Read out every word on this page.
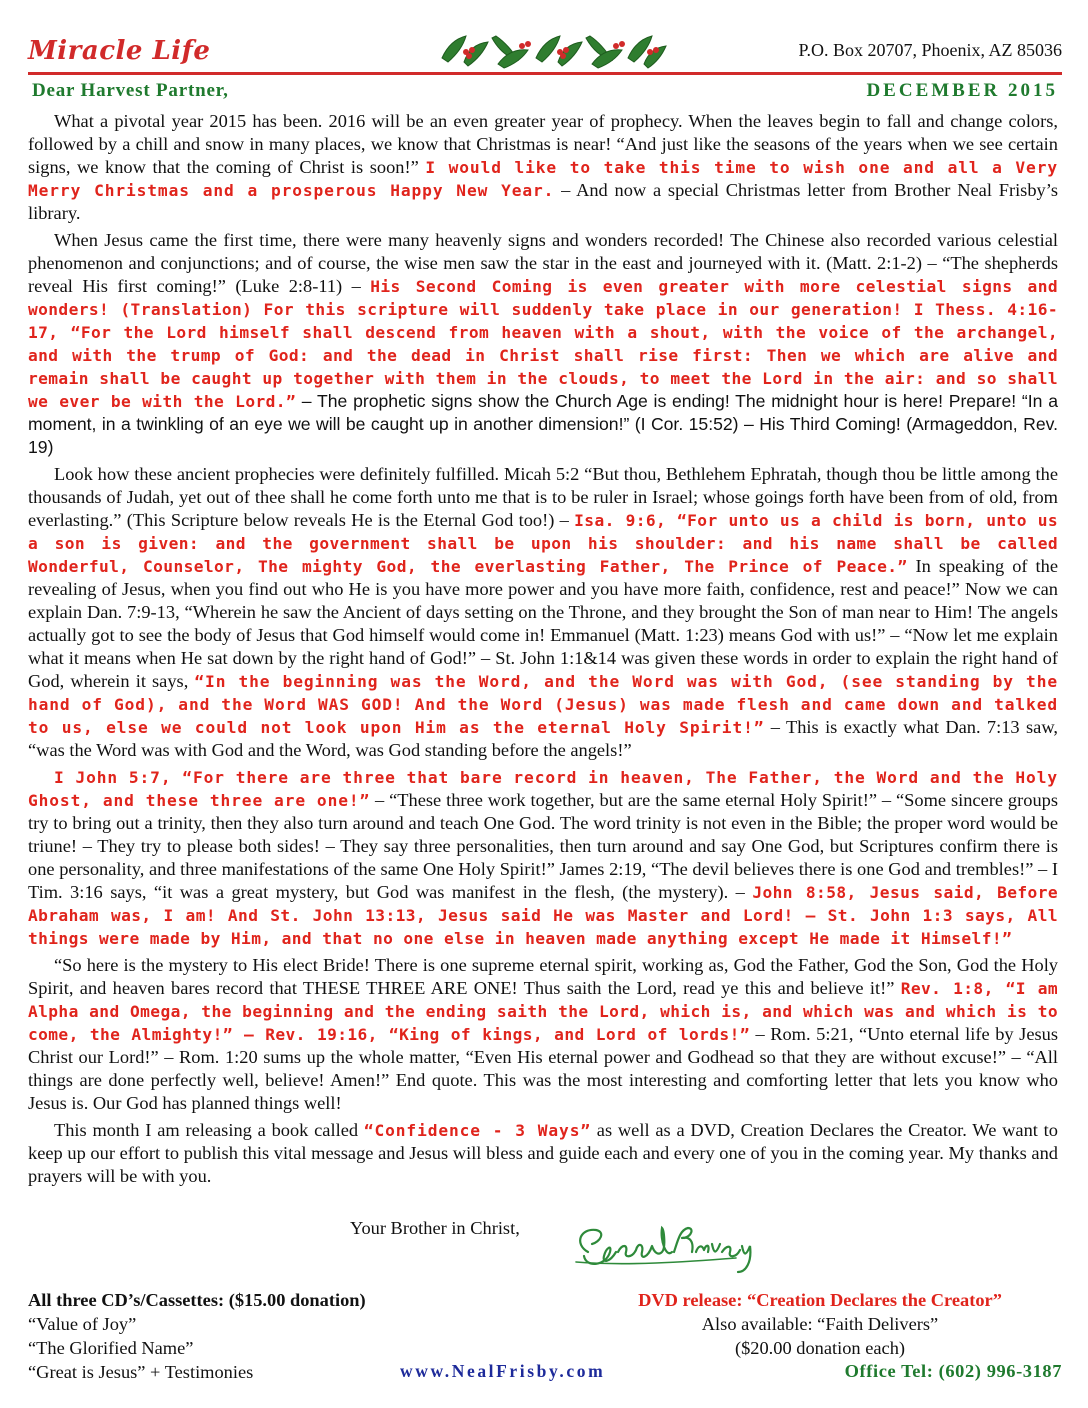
Miracle Life	P.O. Box 20707, Phoenix, AZ 85036
Dear Harvest Partner,	DECEMBER 2015

What a pivotal year 2015 has been. 2016 will be an even greater year of prophecy. When the leaves begin to fall and change colors, followed by a chill and snow in many places, we know that Christmas is near! “And just like the seasons of the years when we see certain signs, we know that the coming of Christ is soon!” I would like to take this time to wish one and all a Very Merry Christmas and a prosperous Happy New Year. – And now a special Christmas letter from Brother Neal Frisby’s library.

When Jesus came the first time, there were many heavenly signs and wonders recorded! The Chinese also recorded various celestial phenomenon and conjunctions; and of course, the wise men saw the star in the east and journeyed with it. (Matt. 2:1-2) – “The shepherds reveal His first coming!” (Luke 2:8-11) – His Second Coming is even greater with more celestial signs and wonders! (Translation) For this scripture will suddenly take place in our generation! I Thess. 4:16-17, “For the Lord himself shall descend from heaven with a shout, with the voice of the archangel, and with the trump of God: and the dead in Christ shall rise first: Then we which are alive and remain shall be caught up together with them in the clouds, to meet the Lord in the air: and so shall we ever be with the Lord.” – The prophetic signs show the Church Age is ending! The midnight hour is here! Prepare! “In a moment, in a twinkling of an eye we will be caught up in another dimension!” (I Cor. 15:52) – His Third Coming! (Armageddon, Rev. 19)

Look how these ancient prophecies were definitely fulfilled. Micah 5:2 “But thou, Bethlehem Ephratah, though thou be little among the thousands of Judah, yet out of thee shall he come forth unto me that is to be ruler in Israel; whose goings forth have been from of old, from everlasting.” (This Scripture below reveals He is the Eternal God too!) – Isa. 9:6, “For unto us a child is born, unto us a son is given: and the government shall be upon his shoulder: and his name shall be called Wonderful, Counselor, The mighty God, the everlasting Father, The Prince of Peace.” In speaking of the revealing of Jesus, when you find out who He is you have more power and you have more faith, confidence, rest and peace!” Now we can explain Dan. 7:9-13, “Wherein he saw the Ancient of days setting on the Throne, and they brought the Son of man near to Him! The angels actually got to see the body of Jesus that God himself would come in! Emmanuel (Matt. 1:23) means God with us!” – “Now let me explain what it means when He sat down by the right hand of God!” – St. John 1:1&14 was given these words in order to explain the right hand of God, wherein it says, “In the beginning was the Word, and the Word was with God, (see standing by the hand of God), and the Word WAS GOD! And the Word (Jesus) was made flesh and came down and talked to us, else we could not look upon Him as the eternal Holy Spirit!” – This is exactly what Dan. 7:13 saw, “was the Word was with God and the Word, was God standing before the angels!”

I John 5:7, “For there are three that bare record in heaven, The Father, the Word and the Holy Ghost, and these three are one!” – “These three work together, but are the same eternal Holy Spirit!” – “Some sincere groups try to bring out a trinity, then they also turn around and teach One God. The word trinity is not even in the Bible; the proper word would be triune! – They try to please both sides! – They say three personalities, then turn around and say One God, but Scriptures confirm there is one personality, and three manifestations of the same One Holy Spirit!” James 2:19, “The devil believes there is one God and trembles!” – I Tim. 3:16 says, “it was a great mystery, but God was manifest in the flesh, (the mystery). – John 8:58, Jesus said, Before Abraham was, I am! And St. John 13:13, Jesus said He was Master and Lord! – St. John 1:3 says, All things were made by Him, and that no one else in heaven made anything except He made it Himself!”

“So here is the mystery to His elect Bride! There is one supreme eternal spirit, working as, God the Father, God the Son, God the Holy Spirit, and heaven bares record that THESE THREE ARE ONE! Thus saith the Lord, read ye this and believe it!” Rev. 1:8, “I am Alpha and Omega, the beginning and the ending saith the Lord, which is, and which was and which is to come, the Almighty!” – Rev. 19:16, “King of kings, and Lord of lords!” – Rom. 5:21, “Unto eternal life by Jesus Christ our Lord!” – Rom. 1:20 sums up the whole matter, “Even His eternal power and Godhead so that they are without excuse!” – “All things are done perfectly well, believe! Amen!” End quote. This was the most interesting and comforting letter that lets you know who Jesus is. Our God has planned things well!

This month I am releasing a book called “Confidence - 3 Ways” as well as a DVD, Creation Declares the Creator. We want to keep up our effort to publish this vital message and Jesus will bless and guide each and every one of you in the coming year. My thanks and prayers will be with you.

Your Brother in Christ,
All three CD’s/Cassettes: ($15.00 donation)
“Value of Joy”
“The Glorified Name”
“Great is Jesus” + Testimonies
DVD release: “Creation Declares the Creator”
Also available: “Faith Delivers”
($20.00 donation each)
www.NealFrisby.com	Office Tel: (602) 996-3187
